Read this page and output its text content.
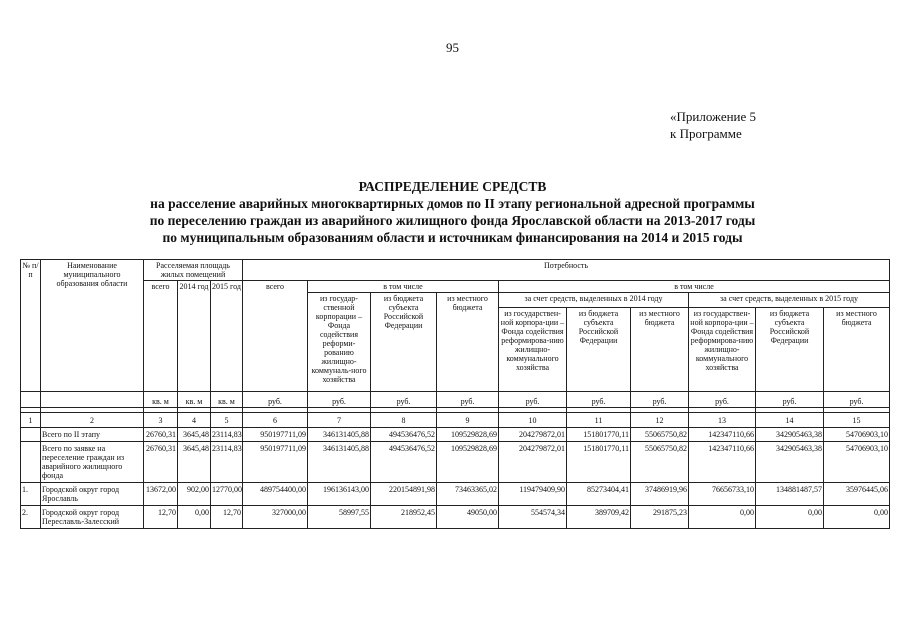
95
«Приложение 5
к Программе
РАСПРЕДЕЛЕНИЕ СРЕДСТВ
на расселение аварийных многоквартирных домов по II этапу региональной адресной программы
по переселению граждан из аварийного жилищного фонда Ярославской области на 2013-2017 годы
по муниципальным образованиям области и источникам финансирования на 2014 и 2015 годы
№ п/п	Наименование муниципального образования области	Расселяемая площадь жилых помещений			Потребность									
		всего	2014 год	2015 год	всего	в том числе			в том числе					
						из государ-ственной корпорации – Фонда содействия реформи-рованию жилищно-коммуналь-ного хозяйства	из бюджета субъекта Российской Федерации	из местного бюджета	за счет средств, выделенных в 2014 году			за счет средств, выделенных в 2015 году		
									из государствен-ной корпора-ции – Фонда содействия реформирова-нию жилищно-коммунального хозяйства	из бюджета субъекта Российской Федерации	из местного бюджета	из государствен-ной корпора-ции – Фонда содействия реформирова-нию жилищно-коммунального хозяйства	из бюджета субъекта Российской Федерации	из местного бюджета
		кв. м	кв. м	кв. м	руб.	руб.	руб.	руб.	руб.	руб.	руб.	руб.	руб.	руб.

1	2	3	4	5	6	7	8	9	10	11	12	13	14	15
	Всего по II этапу	26760,31	3645,48	23114,83	950197711,09	346131405,88	494536476,52	109529828,69	204279872,01	151801770,11	55065750,82	142347110,66	342905463,38	54706903,10
	Всего по заявке на переселение граждан из аварийного жилищного фонда	26760,31	3645,48	23114,83	950197711,09	346131405,88	494536476,52	109529828,69	204279872,01	151801770,11	55065750,82	142347110,66	342905463,38	54706903,10
1.	Городской округ город Ярославль	13672,00	902,00	12770,00	489754400,00	196136143,00	220154891,98	73463365,02	119479409,90	85273404,41	37486919,96	76656733,10	134881487,57	35976445,06
2.	Городской округ город Переславль-Залесский	12,70	0,00	12,70	327000,00	58997,55	218952,45	49050,00	554574,34	389709,42	291875,23	0,00	0,00	0,00
